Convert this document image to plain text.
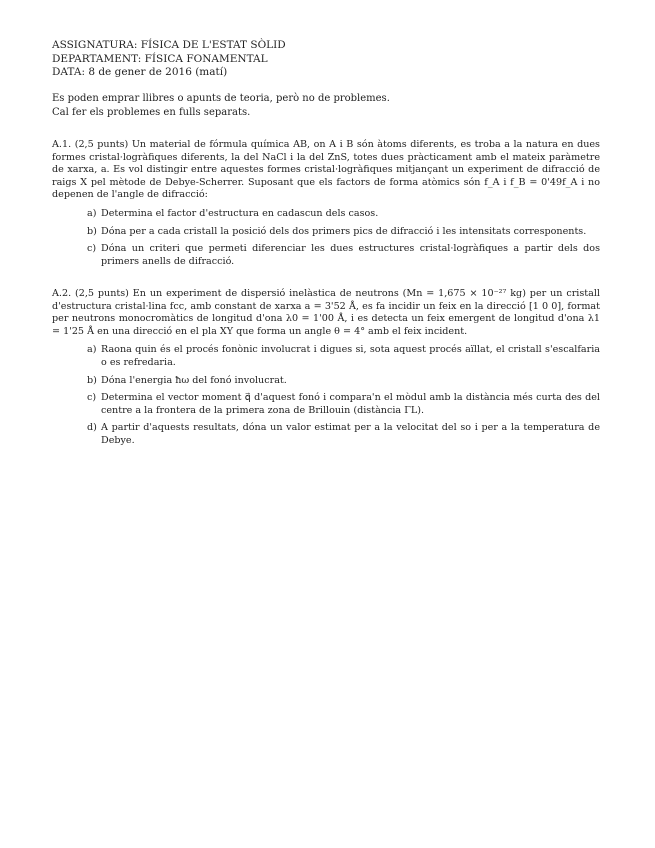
ASSIGNATURA: FÍSICA DE L'ESTAT SÒLID
DEPARTAMENT: FÍSICA FONAMENTAL
DATA: 8 de gener de 2016 (matí)
Es poden emprar llibres o apunts de teoria, però no de problemes.
Cal fer els problemes en fulls separats.
A.1. (2,5 punts) Un material de fórmula química AB, on A i B són àtoms diferents, es troba a la natura en dues formes cristal·logràfiques diferents, la del NaCl i la del ZnS, totes dues pràcticament amb el mateix paràmetre de xarxa, a. Es vol distingir entre aquestes formes cristal·logràfiques mitjançant un experiment de difracció de raigs X pel mètode de Debye-Scherrer. Suposant que els factors de forma atòmics són f_A i f_B = 0'49f_A i no depenen de l'angle de difracció:
a) Determina el factor d'estructura en cadascun dels casos.
b) Dóna per a cada cristall la posició dels dos primers pics de difracció i les intensitats corresponents.
c) Dóna un criteri que permeti diferenciar les dues estructures cristal·logràfiques a partir dels dos primers anells de difracció.
A.2. (2,5 punts) En un experiment de dispersió inelàstica de neutrons (Mn = 1,675 × 10⁻²⁷ kg) per un cristall d'estructura cristal·lina fcc, amb constant de xarxa a = 3'52 Å, es fa incidir un feix en la direcció [1 0 0], format per neutrons monocromàtics de longitud d'ona λ0 = 1'00 Å, i es detecta un feix emergent de longitud d'ona λ1 = 1'25 Å en una direcció en el pla XY que forma un angle θ = 4° amb el feix incident.
a) Raona quin és el procés fonònic involucrat i digues si, sota aquest procés aïllat, el cristall s'escalfaria o es refredaria.
b) Dóna l'energia ħω del fonó involucrat.
c) Determina el vector moment q⃗ d'aquest fonó i compara'n el mòdul amb la distància més curta des del centre a la frontera de la primera zona de Brillouin (distància ΓL).
d) A partir d'aquests resultats, dóna un valor estimat per a la velocitat del so i per a la temperatura de Debye.
